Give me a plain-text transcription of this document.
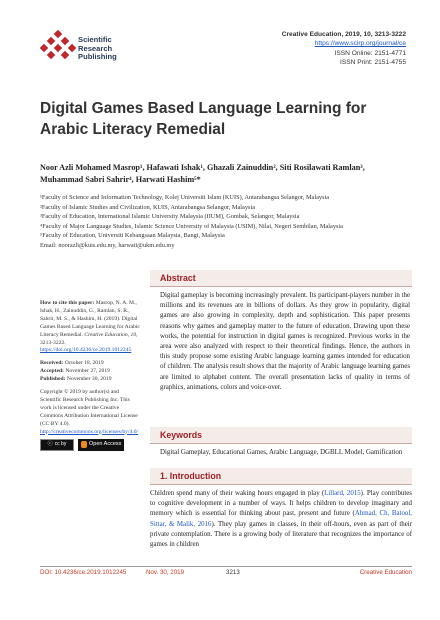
Scientific
Research
Publishing
Creative Education, 2019, 10, 3213-3222
https://www.scirp.org/journal/ce
ISSN Online: 2151-4771
ISSN Print: 2151-4755
Digital Games Based Language Learning for Arabic Literacy Remedial
Noor Azli Mohamed Masrop¹, Hafawati Ishak¹, Ghazali Zainuddin², Siti Rosilawati Ramlan³, Muhammad Sabri Sahrir⁴, Harwati Hashim⁵*
¹Faculty of Science and Information Technology, Kolej Universiti Islam (KUIS), Antarabangsa Selangor, Malaysia
²Faculty of Islamic Studies and Civilization, KUIS, Antarabangsa Selangor, Malaysia
³Faculty of Education, International Islamic University Malaysia (IIUM), Gombak, Selangor, Malaysia
⁴Faculty of Major Language Studies, Islamic Science University of Malaysia (USIM), Nilai, Negeri Sembilan, Malaysia
⁵Faculty of Education, Universiti Kebangsaan Malaysia, Bangi, Malaysia
Email: noorazli@kuis.edu.my, harwati@ukm.edu.my
How to cite this paper: Masrop, N. A. M., Ishak, H., Zainuddin, G., Ramlan, S. R., Sahrir, M. S., & Hashim, H. (2019). Digital Games Based Language Learning for Arabic Literacy Remedial. Creative Education, 10, 3213-3222.
https://doi.org/10.4236/ce.2019.1012245
Received: October 18, 2019
Accepted: November 27, 2019
Published: November 30, 2019
Copyright © 2019 by author(s) and Scientific Research Publishing Inc. This work is licensed under the Creative Commons Attribution International License (CC BY 4.0).
http://creativecommons.org/licenses/by/4.0/
ⓒ cc by	Open Access
Abstract
Digital gameplay is becoming increasingly prevalent. Its participant-players number in the millions and its revenues are in billions of dollars. As they grow in popularity, digital games are also growing in complexity, depth and sophistication. This paper presents reasons why games and gameplay matter to the future of education. Drawing upon these works, the potential for instruction in digital games is recognized. Previous works in the area were also analyzed with respect to their theoretical findings. Hence, the authors in this study propose some existing Arabic language learning games intended for education of children. The analysis result shows that the majority of Arabic language learning games are limited to alphabet content. The overall presentation lacks of quality in terms of graphics, animations, colors and voice-over.
Keywords
Digital Gameplay, Educational Games, Arabic Language, DGBLL Model, Gamification
1. Introduction
Children spend many of their waking hours engaged in play (Lillard, 2015). Play contributes to cognitive development in a number of ways. It helps children to develop imaginary and memory which is essential for thinking about past, present and future (Ahmad, Ch, Batool, Sittar, & Malik, 2016). They play games in classes, in their off-hours, even as part of their private contemplation. There is a growing body of literature that recognizes the importance of games in children
DOI: 10.4236/ce.2019.1012245	Nov. 30, 2019	3213	Creative Education
